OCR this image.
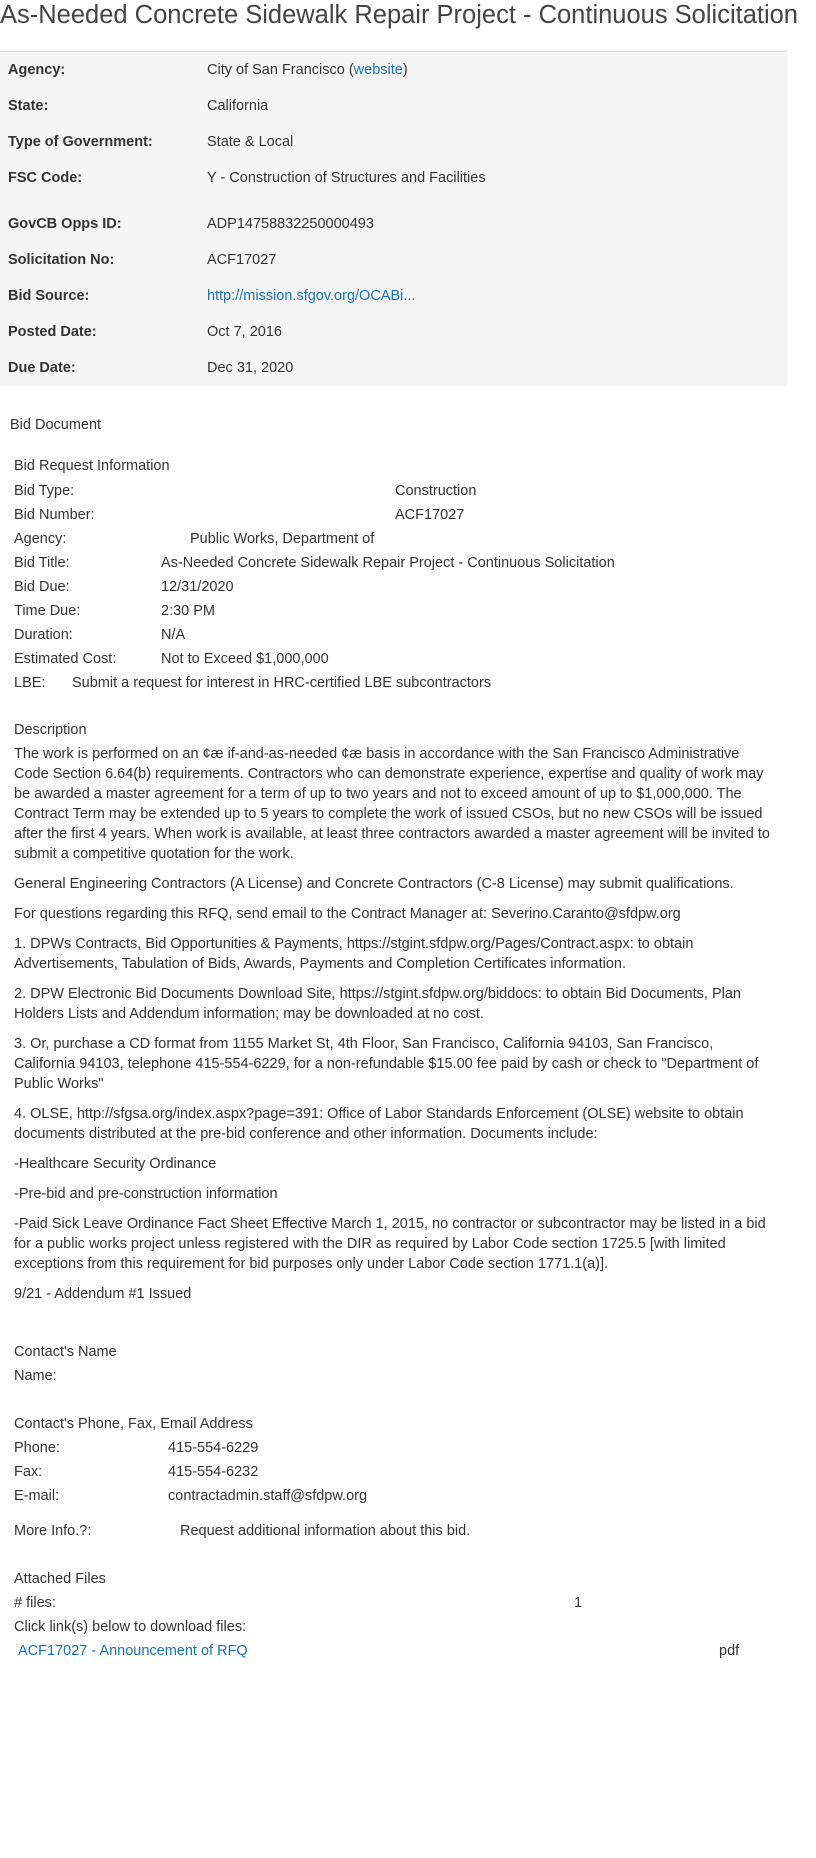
As-Needed Concrete Sidewalk Repair Project - Continuous Solicitation
Agency:	City of San Francisco (website)
State:	California
Type of Government:	State & Local
FSC Code:	Y - Construction of Structures and Facilities
GovCB Opps ID:	ADP14758832250000493
Solicitation No:	ACF17027
Bid Source:	http://mission.sfgov.org/OCABi...
Posted Date:	Oct 7, 2016
Due Date:	Dec 31, 2020
Bid Document
Bid Request Information
Bid Type:	Construction
Bid Number:	ACF17027
Agency:	Public Works, Department of
Bid Title:	As-Needed Concrete Sidewalk Repair Project - Continuous Solicitation
Bid Due:	12/31/2020
Time Due:	2:30 PM
Duration:	N/A
Estimated Cost:	Not to Exceed $1,000,000
LBE: Submit a request for interest in HRC-certified LBE subcontractors
Description

The work is performed on an ¢æ if-and-as-needed ¢æ basis in accordance with the San Francisco Administrative Code Section 6.64(b) requirements. Contractors who can demonstrate experience, expertise and quality of work may be awarded a master agreement for a term of up to two years and not to exceed amount of up to $1,000,000. The Contract Term may be extended up to 5 years to complete the work of issued CSOs, but no new CSOs will be issued after the first 4 years. When work is available, at least three contractors awarded a master agreement will be invited to submit a competitive quotation for the work.

General Engineering Contractors (A License) and Concrete Contractors (C-8 License) may submit qualifications.

For questions regarding this RFQ, send email to the Contract Manager at: Severino.Caranto@sfdpw.org

1. DPWs Contracts, Bid Opportunities & Payments, https://stgint.sfdpw.org/Pages/Contract.aspx: to obtain Advertisements, Tabulation of Bids, Awards, Payments and Completion Certificates information.

2. DPW Electronic Bid Documents Download Site, https://stgint.sfdpw.org/biddocs: to obtain Bid Documents, Plan Holders Lists and Addendum information; may be downloaded at no cost.

3. Or, purchase a CD format from 1155 Market St, 4th Floor, San Francisco, California 94103, San Francisco, California 94103, telephone 415-554-6229, for a non-refundable $15.00 fee paid by cash or check to "Department of Public Works"

4. OLSE, http://sfgsa.org/index.aspx?page=391: Office of Labor Standards Enforcement (OLSE) website to obtain documents distributed at the pre-bid conference and other information. Documents include:

-Healthcare Security Ordinance

-Pre-bid and pre-construction information

-Paid Sick Leave Ordinance Fact Sheet Effective March 1, 2015, no contractor or subcontractor may be listed in a bid for a public works project unless registered with the DIR as required by Labor Code section 1725.5 [with limited exceptions from this requirement for bid purposes only under Labor Code section 1771.1(a)].

9/21 - Addendum #1 Issued

Contact's Name
Name:
Contact's Phone, Fax, Email Address
Phone:	415-554-6229
Fax:	415-554-6232
E-mail:	contractadmin.staff@sfdpw.org
More Info.?:	Request additional information about this bid.
Attached Files
# files:	1
Click link(s) below to download files:
ACF17027 - Announcement of RFQ	pdf
